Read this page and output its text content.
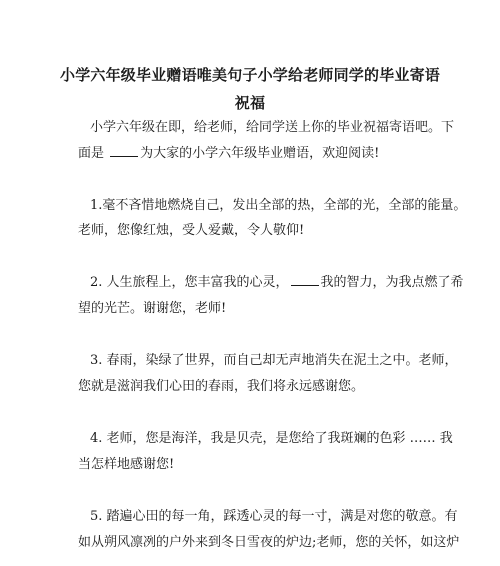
小学六年级毕业赠语唯美句子小学给老师同学的毕业寄语

祝福

小学六年级在即，给老师，给同学送上你的毕业祝福寄语吧。下

面是 为大家的小学六年级毕业赠语，欢迎阅读!

1.毫不吝惜地燃烧自己，发出全部的热，全部的光，全部的能量。

老师，您像红烛，受人爱戴，令人敬仰!

2. 人生旅程上，您丰富我的心灵， 我的智力，为我点燃了希

望的光芒。谢谢您，老师!

3. 春雨，染绿了世界，而自己却无声地消失在泥土之中。老师，

您就是滋润我们心田的春雨，我们将永远感谢您。

4. 老师，您是海洋，我是贝壳，是您给了我斑斓的色彩 …… 我

当怎样地感谢您!

5. 踏遍心田的每一角，踩透心灵的每一寸，满是对您的敬意。有

如从朔风凛冽的户外来到冬日雪夜的炉边;老师，您的关怀，如这炉
